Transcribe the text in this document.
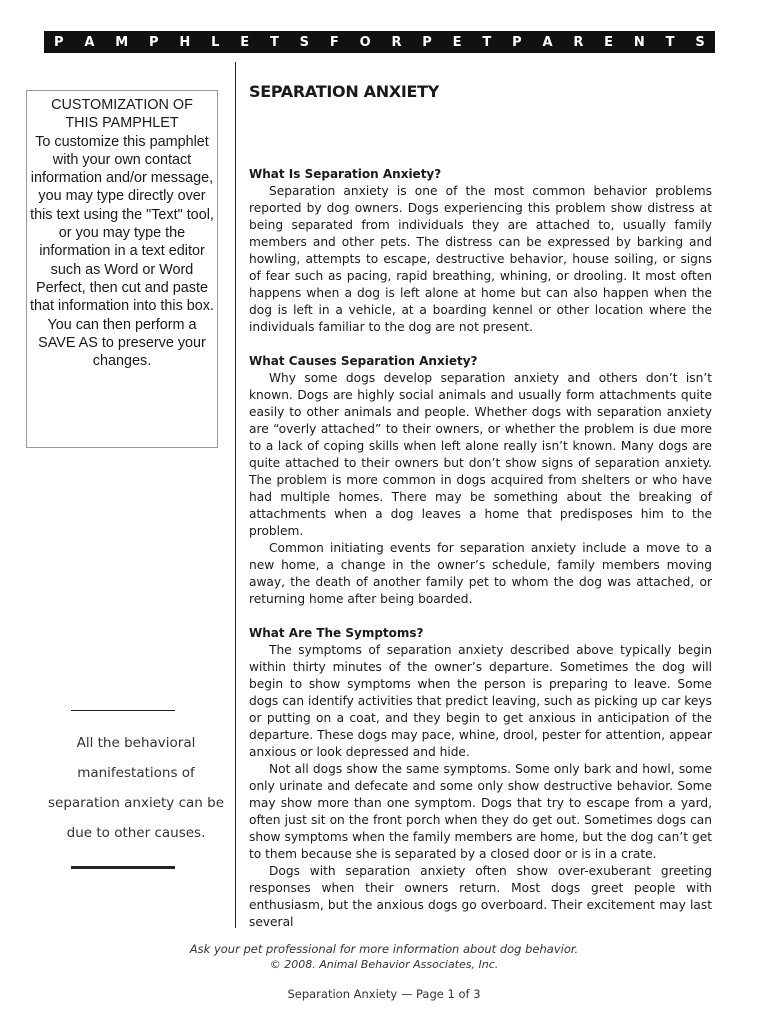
P A M P H L E T S F O R P E T P A R E N T S
CUSTOMIZATION OF
THIS PAMPHLET
To customize this pamphlet with your own contact information and/or message, you may type directly over this text using the "Text" tool, or you may type the information in a text editor such as Word or Word Perfect, then cut and paste that information into this box. You can then perform a SAVE AS to preserve your changes.
All the behavioral manifestations of separation anxiety can be due to other causes.
SEPARATION ANXIETY
What Is Separation Anxiety?

Separation anxiety is one of the most common behavior problems reported by dog owners. Dogs experiencing this problem show distress at being separated from individuals they are attached to, usually family members and other pets. The distress can be expressed by barking and howling, attempts to escape, destructive behavior, house soiling, or signs of fear such as pacing, rapid breathing, whining, or drooling. It most often happens when a dog is left alone at home but can also happen when the dog is left in a vehicle, at a boarding kennel or other location where the individuals familiar to the dog are not present.

What Causes Separation Anxiety?

Why some dogs develop separation anxiety and others don’t isn’t known. Dogs are highly social animals and usually form attachments quite easily to other animals and people. Whether dogs with separation anxiety are “overly attached” to their owners, or whether the problem is due more to a lack of coping skills when left alone really isn’t known. Many dogs are quite attached to their owners but don’t show signs of separation anxiety. The problem is more common in dogs acquired from shelters or who have had multiple homes. There may be something about the breaking of attachments when a dog leaves a home that predisposes him to the problem.

Common initiating events for separation anxiety include a move to a new home, a change in the owner’s schedule, family members moving away, the death of another family pet to whom the dog was attached, or returning home after being boarded.

What Are The Symptoms?

The symptoms of separation anxiety described above typically begin within thirty minutes of the owner’s departure. Sometimes the dog will begin to show symptoms when the person is preparing to leave. Some dogs can identify activities that predict leaving, such as picking up car keys or putting on a coat, and they begin to get anxious in anticipation of the departure. These dogs may pace, whine, drool, pester for attention, appear anxious or look depressed and hide.

Not all dogs show the same symptoms. Some only bark and howl, some only urinate and defecate and some only show destructive behavior. Some may show more than one symptom. Dogs that try to escape from a yard, often just sit on the front porch when they do get out. Sometimes dogs can show symptoms when the family members are home, but the dog can’t get to them because she is separated by a closed door or is in a crate.

Dogs with separation anxiety often show over-exuberant greeting responses when their owners return. Most dogs greet people with enthusiasm, but the anxious dogs go overboard. Their excitement may last several

Ask your pet professional for more information about dog behavior.
© 2008. Animal Behavior Associates, Inc.
Separation Anxiety — Page 1 of 3
